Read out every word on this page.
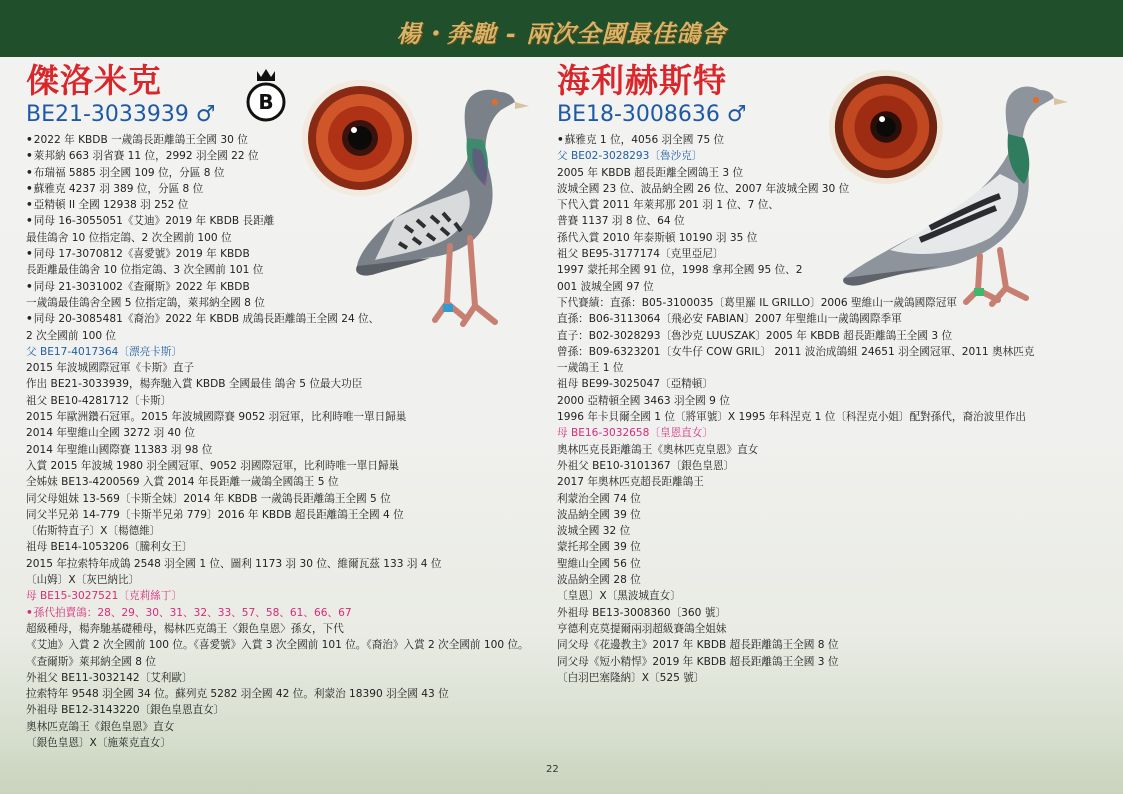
楊・奔馳 - 兩次全國最佳鴿舍
B
傑洛米克
BE21-3033939 ♂
• 2022 年 KBDB 一歲鴿長距離鴿王全國 30 位
• 萊邦納 663 羽省賽 11 位，2992 羽全國 22 位
• 布瑞福 5885 羽全國 109 位，分區 8 位
• 蘇雅克 4237 羽 389 位，分區 8 位
• 亞精頓 II 全國 12938 羽 252 位
• 同母 16-3055051《艾迪》2019 年 KBDB 長距離
最佳鴿舍 10 位指定鴿、2 次全國前 100 位
• 同母 17-3070812《喜愛號》2019 年 KBDB
長距離最佳鴿舍 10 位指定鴿、3 次全國前 101 位
• 同母 21-3031002《查爾斯》2022 年 KBDB
一歲鴿最佳鴿舍全國 5 位指定鴿，萊邦納全國 8 位
• 同母 20-3085481《裔治》2022 年 KBDB 成鴿長距離鴿王全國 24 位、
2 次全國前 100 位
父 BE17-4017364〔漂亮卡斯〕
2015 年波城國際冠軍《卡斯》直子
作出 BE21-3033939，楊奔馳入賞 KBDB 全國最佳 鴿舍 5 位最大功臣
祖父 BE10-4281712〔卡斯〕
2015 年歐洲鑽石冠軍。2015 年波城國際賽 9052 羽冠軍，比利時唯一單日歸巢
2014 年聖維山全國 3272 羽 40 位
2014 年聖維山國際賽 11383 羽 98 位
入賞 2015 年波城 1980 羽全國冠軍、9052 羽國際冠軍，比利時唯一單日歸巢
全姊妹 BE13-4200569 入賞 2014 年長距離一歲鴿全國鴿王 5 位
同父母姐妹 13-569〔卡斯全妹〕2014 年 KBDB 一歲鴿長距離鴿王全國 5 位
同父半兄弟 14-779〔卡斯半兄弟 779〕2016 年 KBDB 超長距離鴿王全國 4 位
〔佑斯特直子〕X〔楊德維〕
祖母 BE14-1053206〔騰利女王〕
2015 年拉索特年成鴿 2548 羽全國 1 位、圖利 1173 羽 30 位、維爾瓦茲 133 羽 4 位
〔山姆〕X〔灰巴納比〕
母 BE15-3027521〔克莉絲丁〕
• 孫代拍賣鴿：28、29、30、31、32、33、57、58、61、66、67
超級種母，楊奔馳基礎種母，楊林匹克鴿王〈銀色皇恩〉孫女，下代
《艾迪》入賞 2 次全國前 100 位。《喜愛號》入賞 3 次全國前 101 位。《裔治》入賞 2 次全國前 100 位。
《查爾斯》萊邦納全國 8 位
外祖父 BE11-3032142〔艾利歐〕
拉索特年 9548 羽全國 34 位。蘇列克 5282 羽全國 42 位。利蒙治 18390 羽全國 43 位
外祖母 BE12-3143220〔銀色皇恩直女〕
奧林匹克鴿王《銀色皇恩》直女
〔銀色皇恩〕X〔施萊克直女〕
海利赫斯特
BE18-3008636 ♂
• 蘇雅克 1 位，4056 羽全國 75 位
父 BE02-3028293〔魯沙克〕
2005 年 KBDB 超長距離全國鴿王 3 位
波城全國 23 位、波品納全國 26 位、2007 年波城全國 30 位
下代入賞 2011 年萊邦那 201 羽 1 位、7 位、
普賽 1137 羽 8 位、64 位
孫代入賞 2010 年泰斯頓 10190 羽 35 位
祖父 BE95-3177174〔克里亞尼〕
1997 蒙托邦全國 91 位，1998 拿邦全國 95 位、2
001 波城全國 97 位
下代賽績：直孫：B05-3100035〔葛里羅 IL GRILLO〕2006 聖維山一歲鴿國際冠軍
直孫：B06-3113064〔飛必安 FABIAN〕2007 年聖維山一歲鴿國際季軍
直子：B02-3028293〔魯沙克 LUUSZAK〕2005 年 KBDB 超長距離鴿王全國 3 位
曾孫：B09-6323201〔女牛仔 COW GRIL〕 2011 波治成鴿組 24651 羽全國冠軍、2011 奧林匹克
一歲鴿王 1 位
祖母 BE99-3025047〔亞精頓〕
2000 亞精頓全國 3463 羽全國 9 位
1996 年卡貝爾全國 1 位〔將軍號〕X 1995 年科涅克 1 位〔科涅克小姐〕配對孫代，裔治波里作出
母 BE16-3032658〔皇恩直女〕
奧林匹克長距離鴿王《奧林匹克皇恩》直女
外祖父 BE10-3101367〔銀色皇恩〕
2017 年奧林匹克超長距離鴿王
利蒙治全國 74 位
波品納全國 39 位
波城全國 32 位
蒙托邦全國 39 位
聖維山全國 56 位
波品納全國 28 位
〔皇恩〕X〔黑波城直女〕
外祖母 BE13-3008360〔360 號〕
亨德利克莫提爾兩羽超級賽鴿全姐妹
同父母《花邊教主》2017 年 KBDB 超長距離鴿王全國 8 位
同父母《短小精悍》2019 年 KBDB 超長距離鴿王全國 3 位
〔白羽巴塞隆納〕X〔525 號〕
22
